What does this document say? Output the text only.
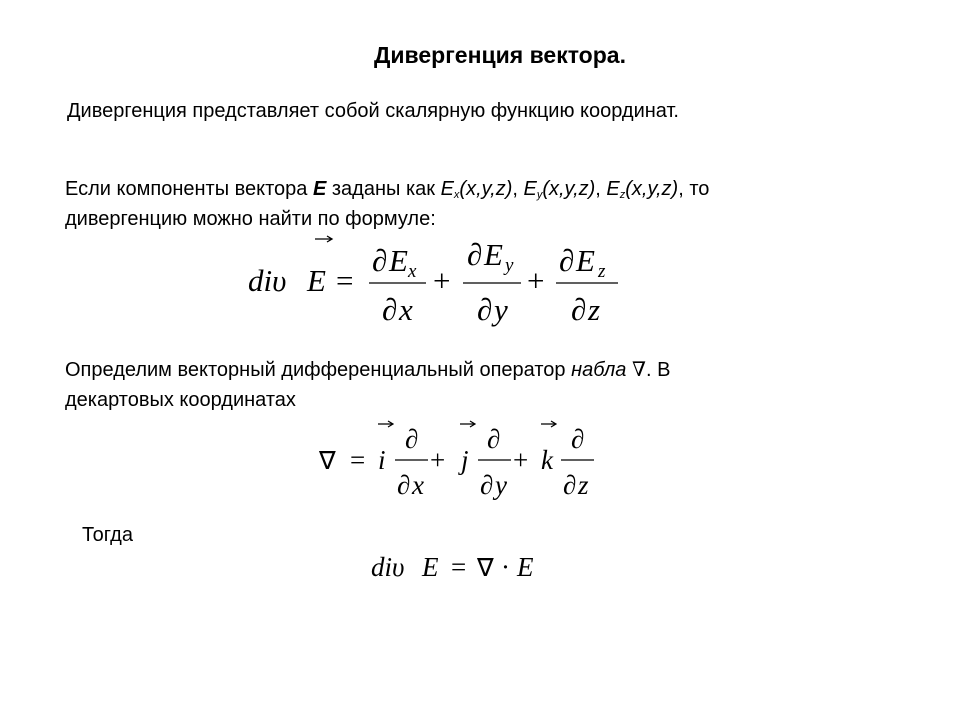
Дивергенция вектора.

Дивергенция представляет собой скалярную функцию координат.

Если компоненты вектора E заданы как $E_x(x,y,z)$, $E_y(x,y,z)$, $E_z(x,y,z)$, то
дивергенцию можно найти по формуле:

Определим векторный дифференциальный оператор набла ∇. В
декартовых координатах

Тогда

diυ E =	+ +
∂ E x
∂ x
∂ E y
∂ y
∂ E z
∂ z
∇ = i + j + k
∂
∂ x
∂
∂ y
∂
∂ z
diυ E = ∇ · E
